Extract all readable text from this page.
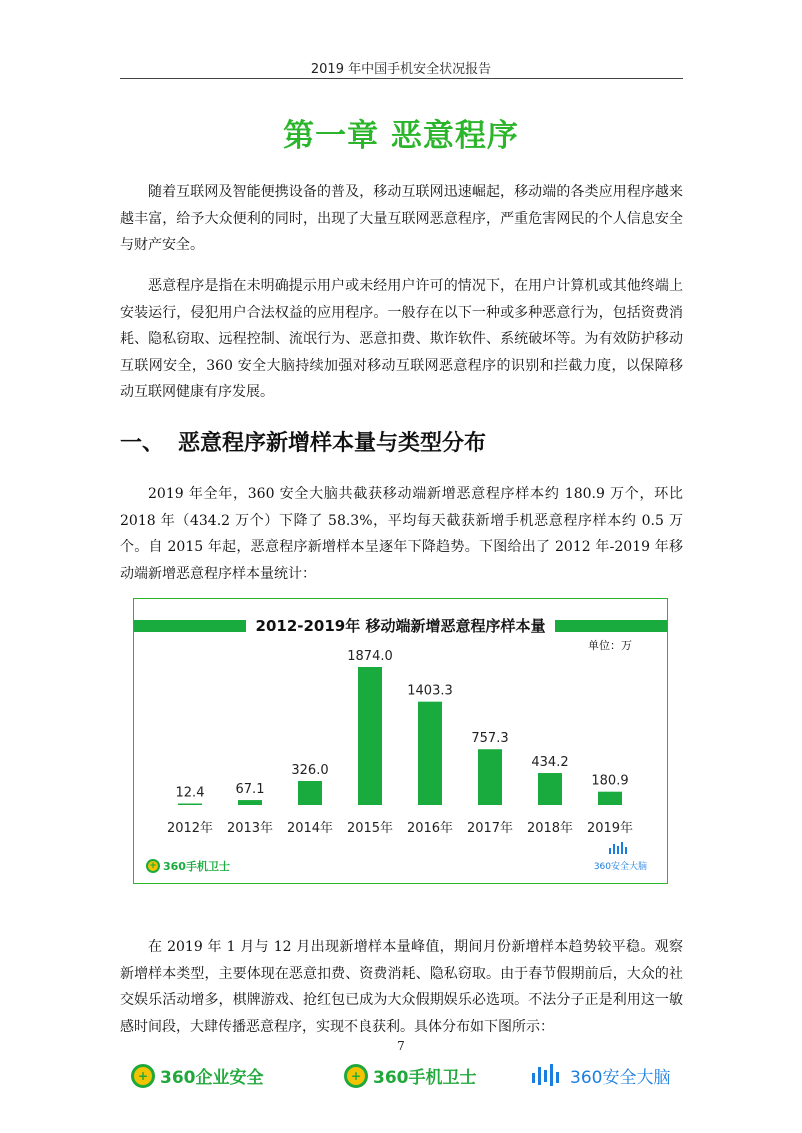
2019 年中国手机安全状况报告
第一章 恶意程序

随着互联网及智能便携设备的普及，移动互联网迅速崛起，移动端的各类应用程序越来越丰富，给予大众便利的同时，出现了大量互联网恶意程序，严重危害网民的个人信息安全与财产安全。

恶意程序是指在未明确提示用户或未经用户许可的情况下，在用户计算机或其他终端上安装运行，侵犯用户合法权益的应用程序。一般存在以下一种或多种恶意行为，包括资费消耗、隐私窃取、远程控制、流氓行为、恶意扣费、欺诈软件、系统破坏等。为有效防护移动互联网安全，360 安全大脑持续加强对移动互联网恶意程序的识别和拦截力度，以保障移动互联网健康有序发展。

一、 恶意程序新增样本量与类型分布

2019 年全年，360 安全大脑共截获移动端新增恶意程序样本约 180.9 万个，环比 2018 年（434.2 万个）下降了 58.3%，平均每天截获新增手机恶意程序样本约 0.5 万个。自 2015 年起，恶意程序新增样本呈逐年下降趋势。下图给出了 2012 年-2019 年移动端新增恶意程序样本量统计：

2012-2019年 移动端新增恶意程序样本量
单位：万
12.4
2012年
67.1
2013年
326.0
2014年
1874.0
2015年
1403.3
2016年
757.3
2017年
434.2
2018年
180.9
2019年
+ 360手机卫士	360安全大脑

在 2019 年 1 月与 12 月出现新增样本量峰值，期间月份新增样本趋势较平稳。观察新增样本类型，主要体现在恶意扣费、资费消耗、隐私窃取。由于春节假期前后，大众的社交娱乐活动增多，棋牌游戏、抢红包已成为大众假期娱乐必选项。不法分子正是利用这一敏感时间段，大肆传播恶意程序，实现不良获利。具体分布如下图所示：

7
+ 360企业安全	+ 360手机卫士	360安全大脑
